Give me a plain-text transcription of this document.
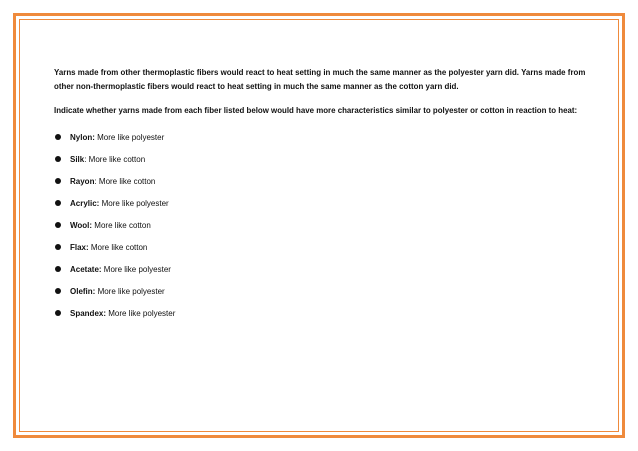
Yarns made from other thermoplastic fibers would react to heat setting in much the same manner as the polyester yarn did. Yarns made from other non-thermoplastic fibers would react to heat setting in much the same manner as the cotton yarn did.

Indicate whether yarns made from each fiber listed below would have more characteristics similar to polyester or cotton in reaction to heat:

Nylon: More like polyester
Silk: More like cotton
Rayon: More like cotton
Acrylic: More like polyester
Wool: More like cotton
Flax: More like cotton
Acetate: More like polyester
Olefin: More like polyester
Spandex: More like polyester
